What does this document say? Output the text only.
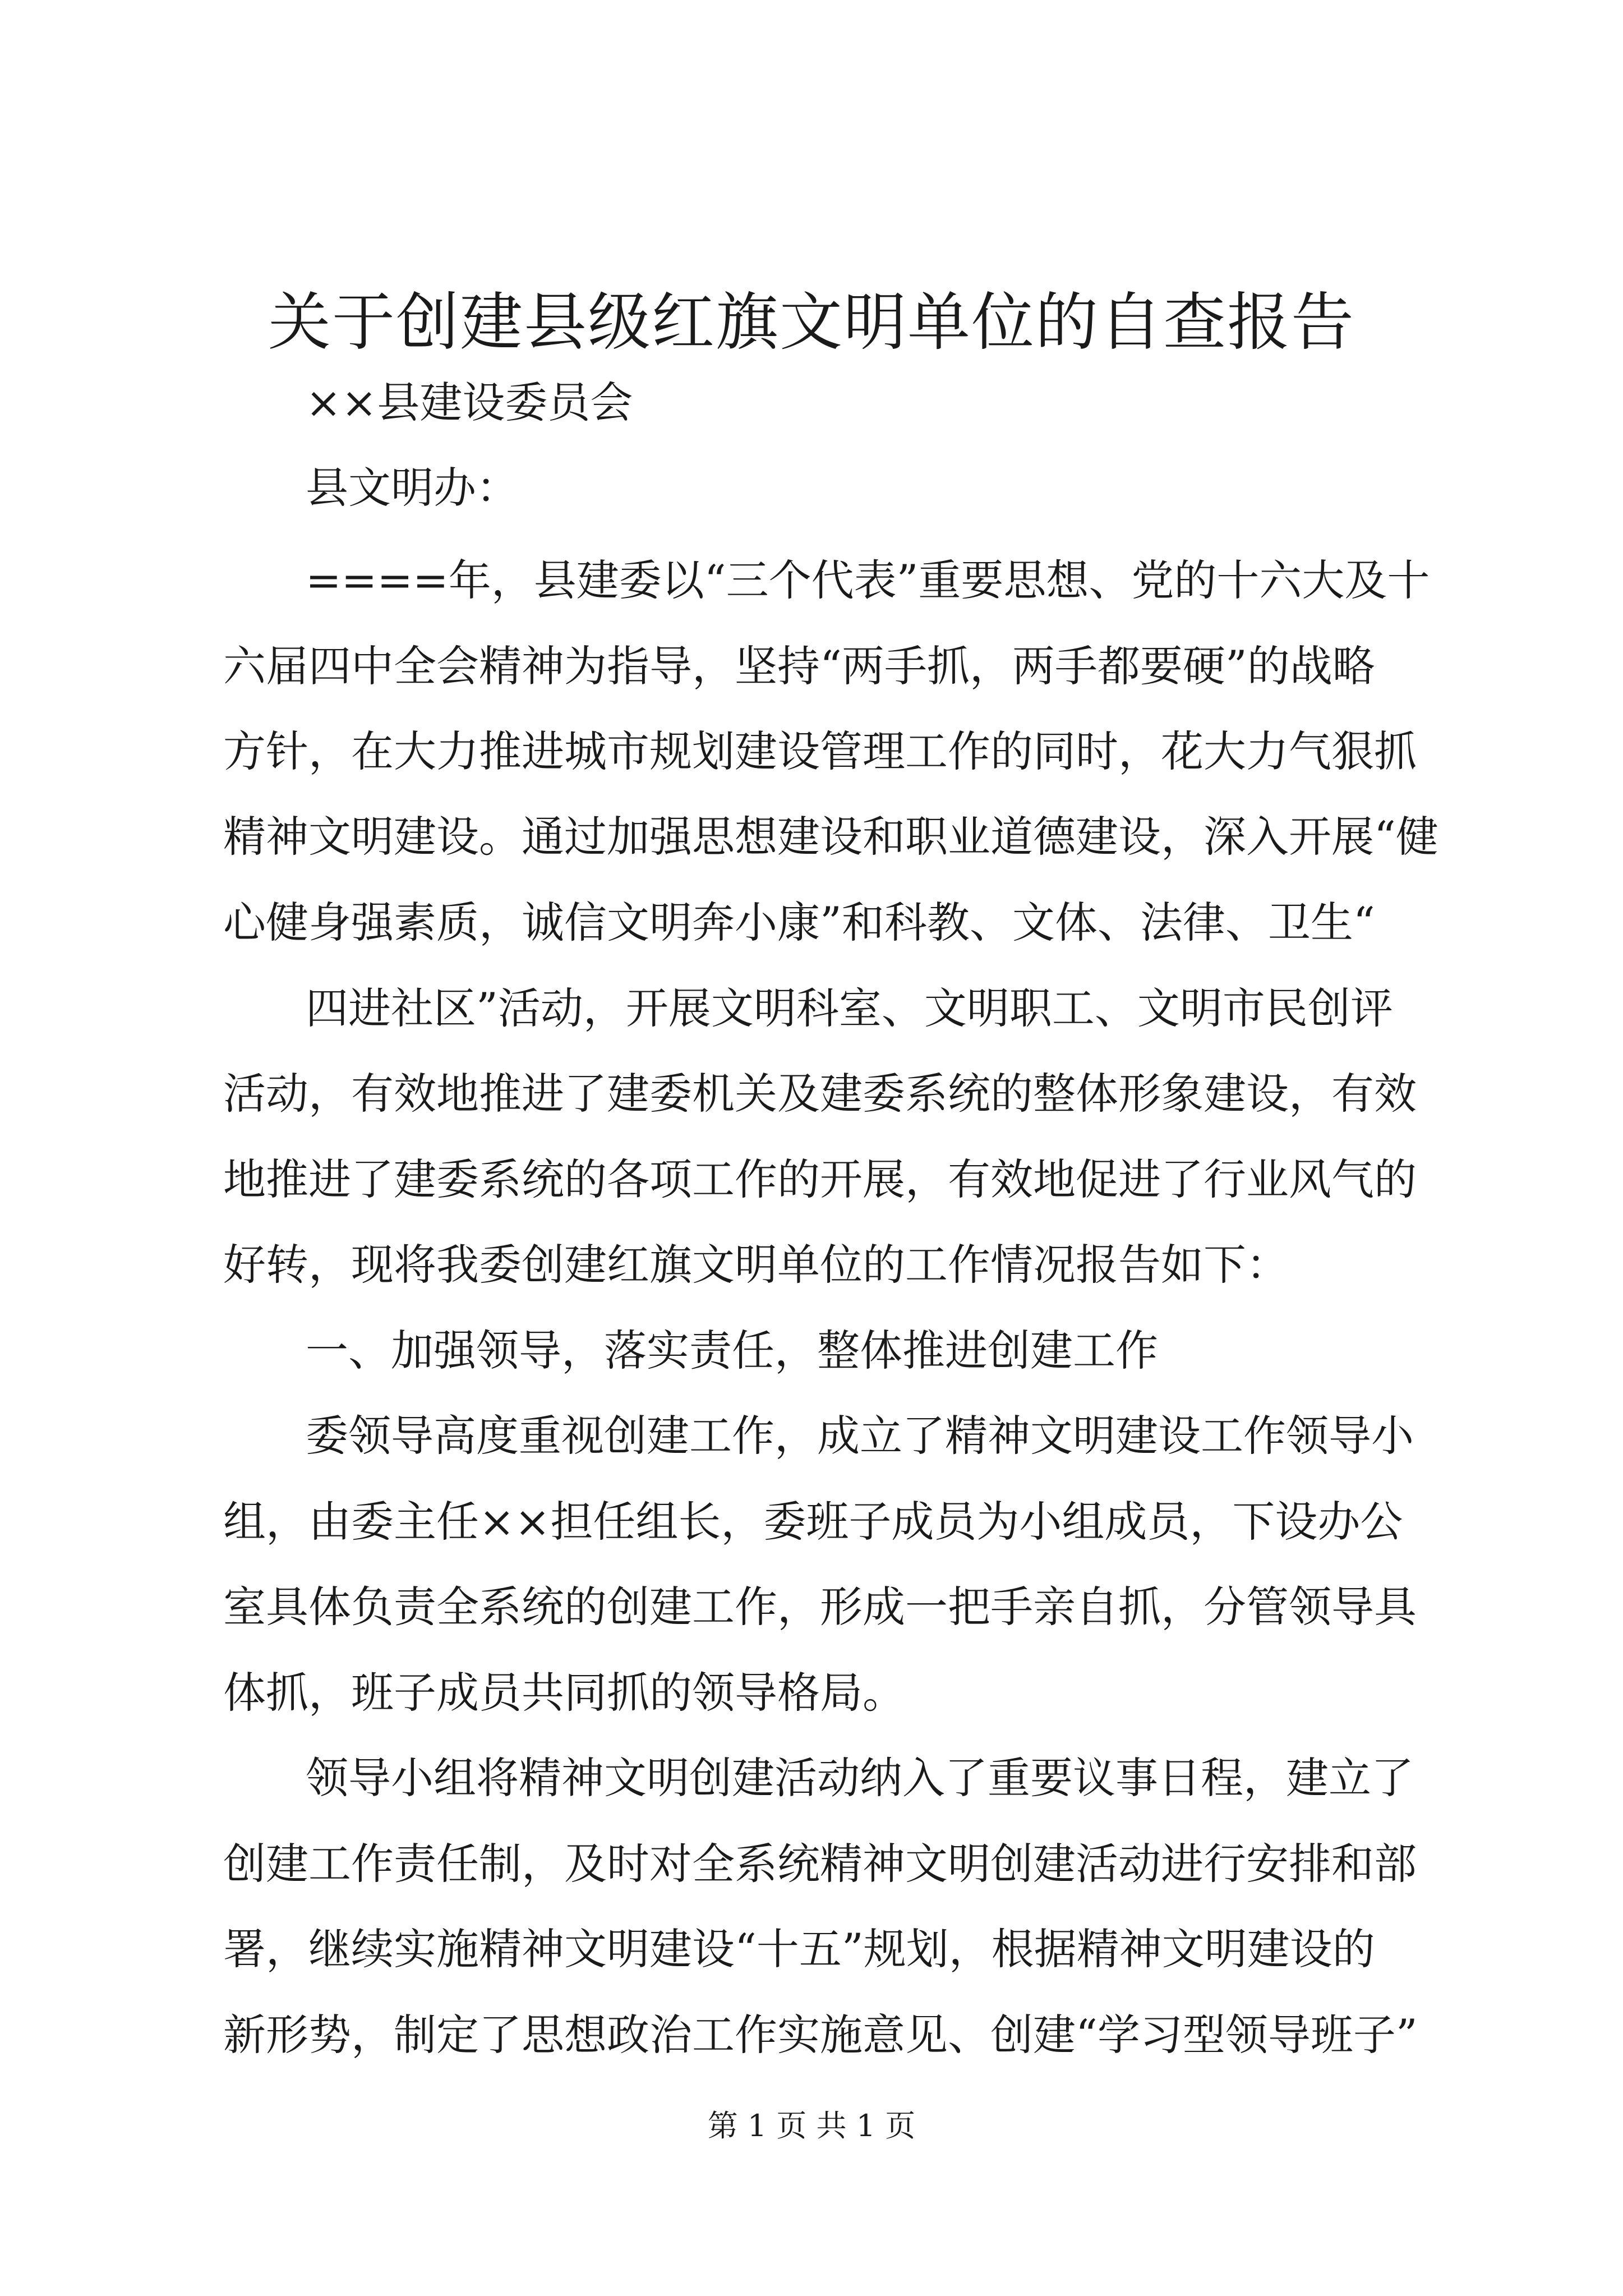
关于创建县级红旗文明单位的自查报告

××县建设委员会

县文明办：

====年，县建委以“三个代表”重要思想、党的十六大及十

六届四中全会精神为指导，坚持“两手抓，两手都要硬”的战略

方针，在大力推进城市规划建设管理工作的同时，花大力气狠抓

精神文明建设。通过加强思想建设和职业道德建设，深入开展“健

心健身强素质，诚信文明奔小康”和科教、文体、法律、卫生“

四进社区”活动，开展文明科室、文明职工、文明市民创评

活动，有效地推进了建委机关及建委系统的整体形象建设，有效

地推进了建委系统的各项工作的开展，有效地促进了行业风气的

好转，现将我委创建红旗文明单位的工作情况报告如下：

一、加强领导，落实责任，整体推进创建工作

委领导高度重视创建工作，成立了精神文明建设工作领导小

组，由委主任××担任组长，委班子成员为小组成员，下设办公

室具体负责全系统的创建工作，形成一把手亲自抓，分管领导具

体抓，班子成员共同抓的领导格局。

领导小组将精神文明创建活动纳入了重要议事日程，建立了

创建工作责任制，及时对全系统精神文明创建活动进行安排和部

署，继续实施精神文明建设“十五”规划，根据精神文明建设的

新形势，制定了思想政治工作实施意见、创建“学习型领导班子”

第 1 页 共 1 页
